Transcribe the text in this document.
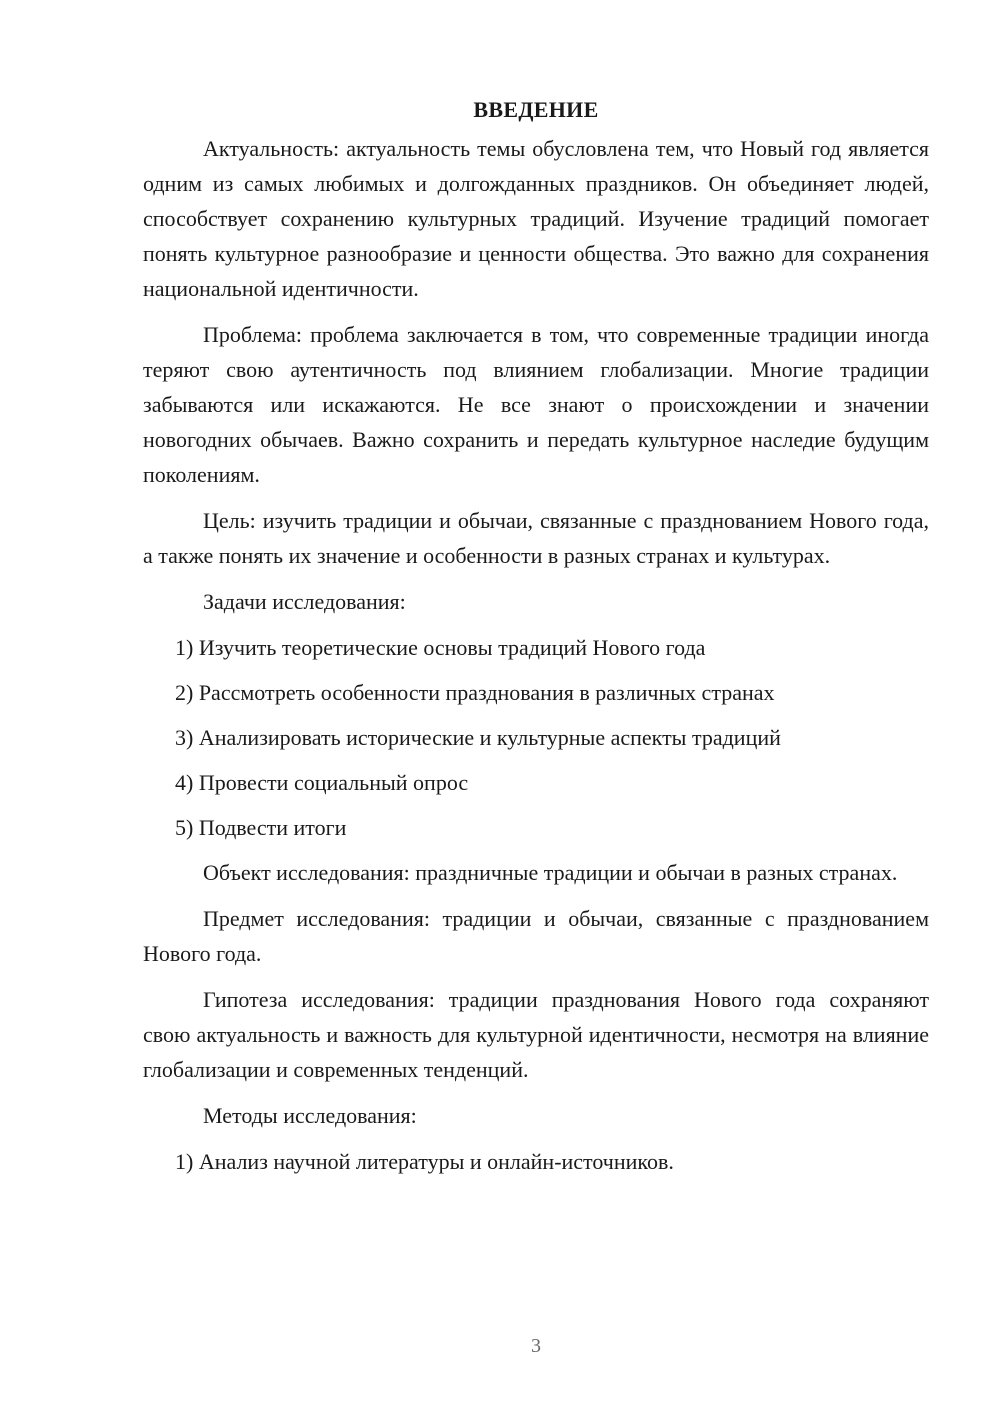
ВВЕДЕНИЕ

Актуальность: актуальность темы обусловлена тем, что Новый год является одним из самых любимых и долгожданных праздников. Он объединяет людей, способствует сохранению культурных традиций. Изучение традиций помогает понять культурное разнообразие и ценности общества. Это важно для сохранения национальной идентичности.

Проблема: проблема заключается в том, что современные традиции иногда теряют свою аутентичность под влиянием глобализации. Многие традиции забываются или искажаются. Не все знают о происхождении и значении новогодних обычаев. Важно сохранить и передать культурное наследие будущим поколениям.

Цель: изучить традиции и обычаи, связанные с празднованием Нового года, а также понять их значение и особенности в разных странах и культурах.

Задачи исследования:

1) Изучить теоретические основы традиций Нового года
2) Рассмотреть особенности празднования в различных странах
3) Анализировать исторические и культурные аспекты традиций
4) Провести социальный опрос
5) Подвести итоги

Объект исследования: праздничные традиции и обычаи в разных странах.

Предмет исследования: традиции и обычаи, связанные с празднованием Нового года.

Гипотеза исследования: традиции празднования Нового года сохраняют свою актуальность и важность для культурной идентичности, несмотря на влияние глобализации и современных тенденций.

Методы исследования:

1) Анализ научной литературы и онлайн-источников.
3
